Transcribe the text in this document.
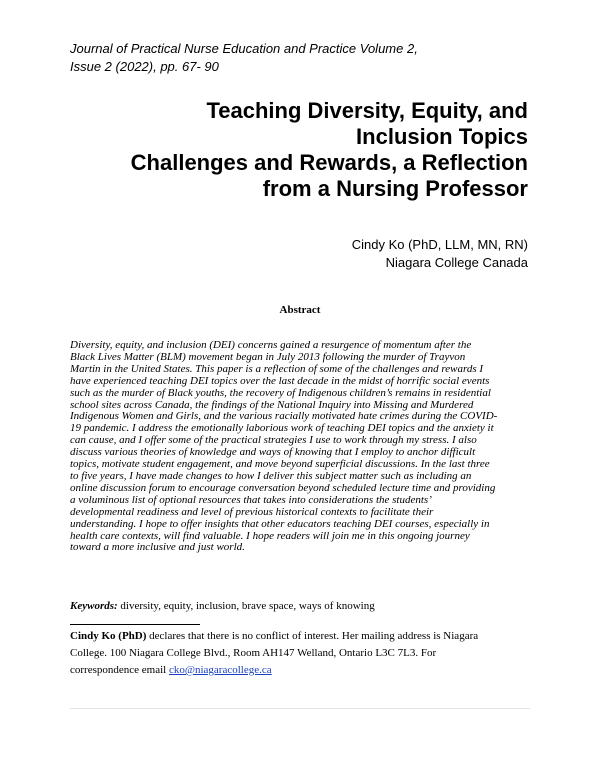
Journal of Practical Nurse Education and Practice Volume 2,
Issue 2 (2022), pp. 67- 90
Teaching Diversity, Equity, and
Inclusion Topics
Challenges and Rewards, a Reflection
from a Nursing Professor
Cindy Ko (PhD, LLM, MN, RN)
Niagara College Canada
Abstract
Diversity, equity, and inclusion (DEI) concerns gained a resurgence of momentum after the
Black Lives Matter (BLM) movement began in July 2013 following the murder of Trayvon
Martin in the United States. This paper is a reflection of some of the challenges and rewards I
have experienced teaching DEI topics over the last decade in the midst of horrific social events
such as the murder of Black youths, the recovery of Indigenous children’s remains in residential
school sites across Canada, the findings of the National Inquiry into Missing and Murdered
Indigenous Women and Girls, and the various racially motivated hate crimes during the COVID-
19 pandemic. I address the emotionally laborious work of teaching DEI topics and the anxiety it
can cause, and I offer some of the practical strategies I use to work through my stress. I also
discuss various theories of knowledge and ways of knowing that I employ to anchor difficult
topics, motivate student engagement, and move beyond superficial discussions. In the last three
to five years, I have made changes to how I deliver this subject matter such as including an
online discussion forum to encourage conversation beyond scheduled lecture time and providing
a voluminous list of optional resources that takes into considerations the students’
developmental readiness and level of previous historical contexts to facilitate their
understanding. I hope to offer insights that other educators teaching DEI courses, especially in
health care contexts, will find valuable. I hope readers will join me in this ongoing journey
toward a more inclusive and just world.
Keywords: diversity, equity, inclusion, brave space, ways of knowing
Cindy Ko (PhD) declares that there is no conflict of interest. Her mailing address is Niagara
College. 100 Niagara College Blvd., Room AH147 Welland, Ontario L3C 7L3. For
correspondence email cko@niagaracollege.ca
